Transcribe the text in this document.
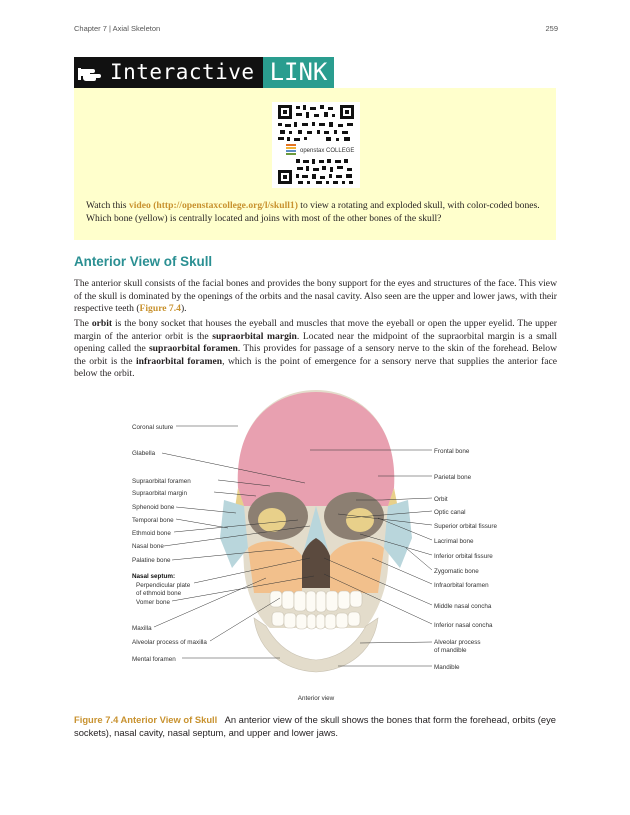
Chapter 7 | Axial Skeleton	259
Interactive LINK
openstax COLLEGE

Watch this video (http://openstaxcollege.org/l/skull1) to view a rotating and exploded skull, with color-coded bones. Which bone (yellow) is centrally located and joins with most of the other bones of the skull?

Anterior View of Skull

The anterior skull consists of the facial bones and provides the bony support for the eyes and structures of the face. This view of the skull is dominated by the openings of the orbits and the nasal cavity. Also seen are the upper and lower jaws, with their respective teeth (Figure 7.4).

The orbit is the bony socket that houses the eyeball and muscles that move the eyeball or open the upper eyelid. The upper margin of the anterior orbit is the supraorbital margin. Located near the midpoint of the supraorbital margin is a small opening called the supraorbital foramen. This provides for passage of a sensory nerve to the skin of the forehead. Below the orbit is the infraorbital foramen, which is the point of emergence for a sensory nerve that supplies the anterior face below the orbit.

Coronal suture
Glabella
Supraorbital foramen
Supraorbital margin
Sphenoid bone
Temporal bone
Ethmoid bone
Nasal bone
Palatine bone
Nasal septum:
Perpendicular plate
of ethmoid bone
Vomer bone
Maxilla
Alveolar process of maxilla
Mental foramen
Frontal bone
Parietal bone
Orbit
Optic canal
Superior orbital fissure
Lacrimal bone
Inferior orbital fissure
Zygomatic bone
Infraorbital foramen
Middle nasal concha
Inferior nasal concha
Alveolar process
of mandible
Mandible
Anterior view

Figure 7.4 Anterior View of Skull An anterior view of the skull shows the bones that form the forehead, orbits (eye sockets), nasal cavity, nasal septum, and upper and lower jaws.
